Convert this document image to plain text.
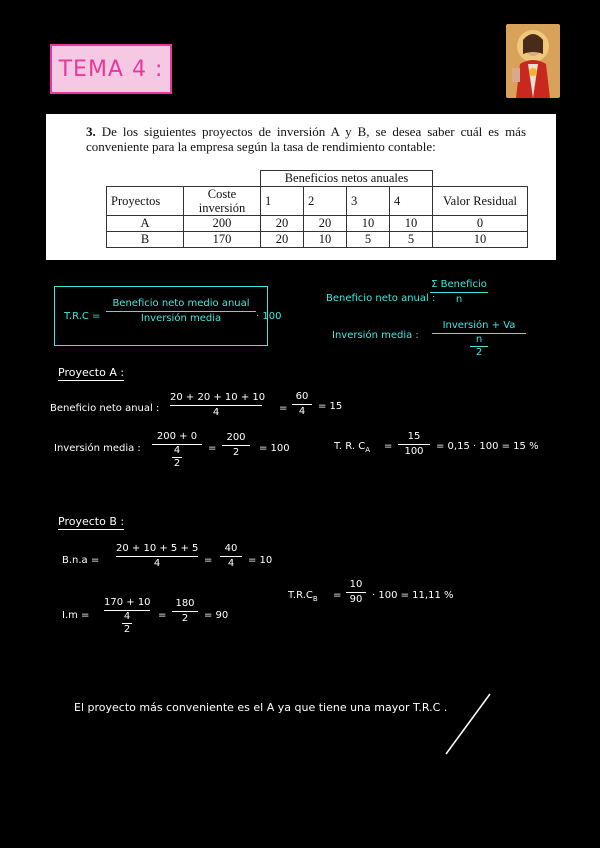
TEMA 4 :
3. De los siguientes proyectos de inversión A y B, se desea saber cuál es más conveniente para la empresa según la tasa de rendimiento contable:
		Beneficios netos anuales				
Proyectos	Coste inversión	1	2	3	4	Valor Residual
A	200	20	20	10	10	0
B	170	20	10	5	5	10
T.R.C =
Beneficio neto medio anual
Inversión media	· 100
Beneficio neto anual :
Σ Beneficio
n
Inversión media :
Inversión + Va
n
2
Proyecto A :
Beneficio neto anual :
20 + 20 + 10 + 10
4	=
60
4	= 15
Inversión media :
200 + 0
4
2
=
200
2	= 100	T. R. $C_A$ =
15
100	= 0,15 · 100 = 15 %
Proyecto B :
B.n.a =
20 + 10 + 5 + 5
4	=
40
4	= 10
I.m =
170 + 10
4
2
=
180
2	= 90
$T.R.C_B$ =
10
90 · 100 = 11,11 %
El proyecto más conveniente es el A ya que tiene una mayor T.R.C .
